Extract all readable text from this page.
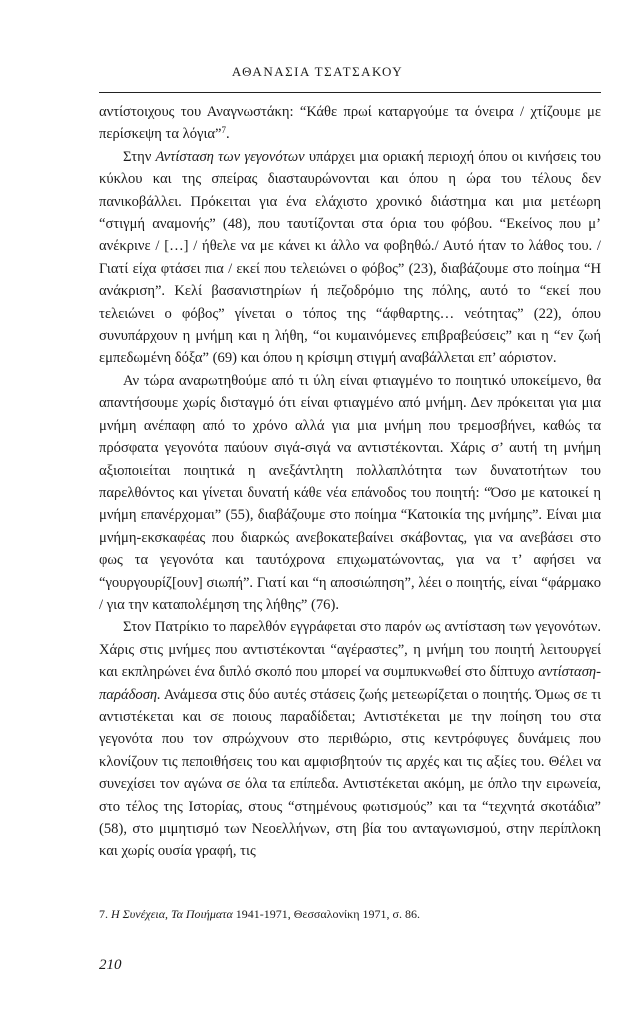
ΑΘΑΝΑΣΙΑ ΤΣΑΤΣΑΚΟΥ

αντίστοιχους του Αναγνωστάκη: “Κάθε πρωί καταργούμε τα όνειρα / χτίζουμε με περίσκεψη τα λόγια”$^7$.

Στην Αντίσταση των γεγονότων υπάρχει μια οριακή περιοχή όπου οι κινήσεις του κύκλου και της σπείρας διασταυρώνονται και όπου η ώρα του τέλους δεν πανικοβάλλει. Πρόκειται για ένα ελάχιστο χρονικό διάστημα και μια μετέωρη “στιγμή αναμονής” (48), που ταυτίζονται στα όρια του φόβου. “Εκείνος που μ’ ανέκρινε / […] / ήθελε να με κάνει κι άλλο να φοβηθώ./ Αυτό ήταν το λάθος του. / Γιατί είχα φτάσει πια / εκεί που τελειώνει ο φόβος” (23), διαβάζουμε στο ποίημα “Η ανάκριση”. Κελί βασανιστηρίων ή πεζοδρόμιο της πόλης, αυτό το “εκεί που τελειώνει ο φόβος” γίνεται ο τόπος της “άφθαρτης… νεότητας” (22), όπου συνυπάρχουν η μνήμη και η λήθη, “οι κυμαινόμενες επιβραβεύσεις” και η “εν ζωή εμπεδωμένη δόξα” (69) και όπου η κρίσιμη στιγμή αναβάλλεται επ’ αόριστον.

Αν τώρα αναρωτηθούμε από τι ύλη είναι φτιαγμένο το ποιητικό υποκείμενο, θα απαντήσουμε χωρίς δισταγμό ότι είναι φτιαγμένο από μνήμη. Δεν πρόκειται για μια μνήμη ανέπαφη από το χρόνο αλλά για μια μνήμη που τρεμοσβήνει, καθώς τα πρόσφατα γεγονότα παύουν σιγά-σιγά να αντιστέκονται. Χάρις σ’ αυτή τη μνήμη αξιοποιείται ποιητικά η ανεξάντλητη πολλαπλότητα των δυνατοτήτων του παρελθόντος και γίνεται δυνατή κάθε νέα επάνοδος του ποιητή: “Όσο με κατοικεί η μνήμη επανέρχομαι” (55), διαβάζουμε στο ποίημα “Κατοικία της μνήμης”. Είναι μια μνήμη-εκσκαφέας που διαρκώς ανεβοκατεβαίνει σκάβοντας, για να ανεβάσει στο φως τα γεγονότα και ταυτόχρονα επιχωματώνοντας, για να τ’ αφήσει να “γουργουρίζ[ουν] σιωπή”. Γιατί και “η αποσιώπηση”, λέει ο ποιητής, είναι “φάρμακο / για την καταπολέμηση της λήθης” (76).

Στον Πατρίκιο το παρελθόν εγγράφεται στο παρόν ως αντίσταση των γεγονότων. Χάρις στις μνήμες που αντιστέκονται “αγέραστες”, η μνήμη του ποιητή λειτουργεί και εκπληρώνει ένα διπλό σκοπό που μπορεί να συμπυκνωθεί στο δίπτυχο αντίσταση-παράδοση. Ανάμεσα στις δύο αυτές στάσεις ζωής μετεωρίζεται ο ποιητής. Όμως σε τι αντιστέκεται και σε ποιους παραδίδεται; Αντιστέκεται με την ποίηση του στα γεγονότα που τον σπρώχνουν στο περιθώριο, στις κεντρόφυγες δυνάμεις που κλονίζουν τις πεποιθήσεις του και αμφισβητούν τις αρχές και τις αξίες του. Θέλει να συνεχίσει τον αγώνα σε όλα τα επίπεδα. Αντιστέκεται ακόμη, με όπλο την ειρωνεία, στο τέλος της Ιστορίας, στους “στημένους φωτισμούς” και τα “τεχνητά σκοτάδια” (58), στο μιμητισμό των Νεοελλήνων, στη βία του ανταγωνισμού, στην περίπλοκη και χωρίς ουσία γραφή, τις

7. Η Συνέχεια, Τα Ποιήματα 1941-1971, Θεσσαλονίκη 1971, σ. 86.
210
